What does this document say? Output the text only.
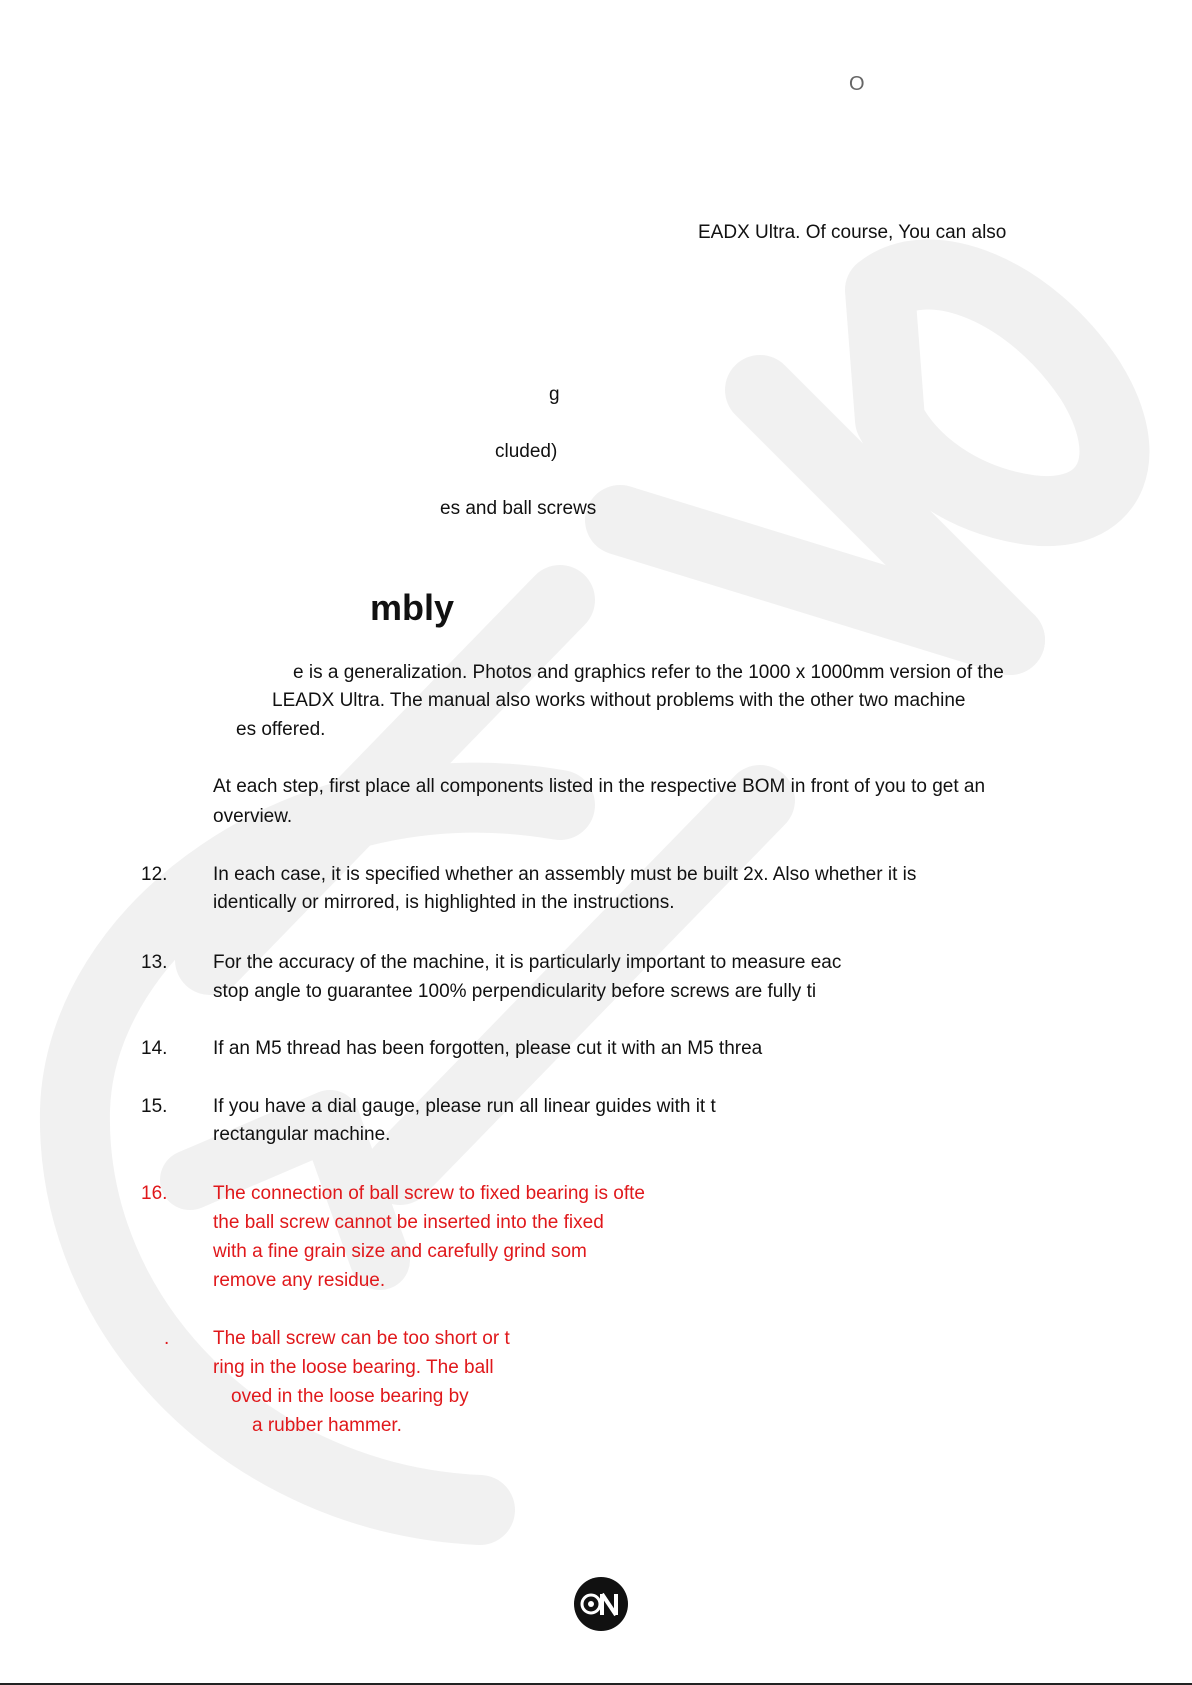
O
EADX Ultra. Of course, You can also
g
cluded)
es and ball screws
mbly
e is a generalization. Photos and graphics refer to the 1000 x 1000mm version of the
LEADX Ultra. The manual also works without problems with the other two machine
es offered.
At each step, first place all components listed in the respective BOM in front of you to get an
overview.
12. In each case, it is specified whether an assembly must be built 2x. Also whether it is
identically or mirrored, is highlighted in the instructions.
13. For the accuracy of the machine, it is particularly important to measure eac
stop angle to guarantee 100% perpendicularity before screws are fully ti
14. If an M5 thread has been forgotten, please cut it with an M5 threa
15. If you have a dial gauge, please run all linear guides with it t
rectangular machine.
16. The connection of ball screw to fixed bearing is ofte
the ball screw cannot be inserted into the fixed
with a fine grain size and carefully grind som
remove any residue.
. The ball screw can be too short or t
ring in the loose bearing. The ball
oved in the loose bearing by
a rubber hammer.
